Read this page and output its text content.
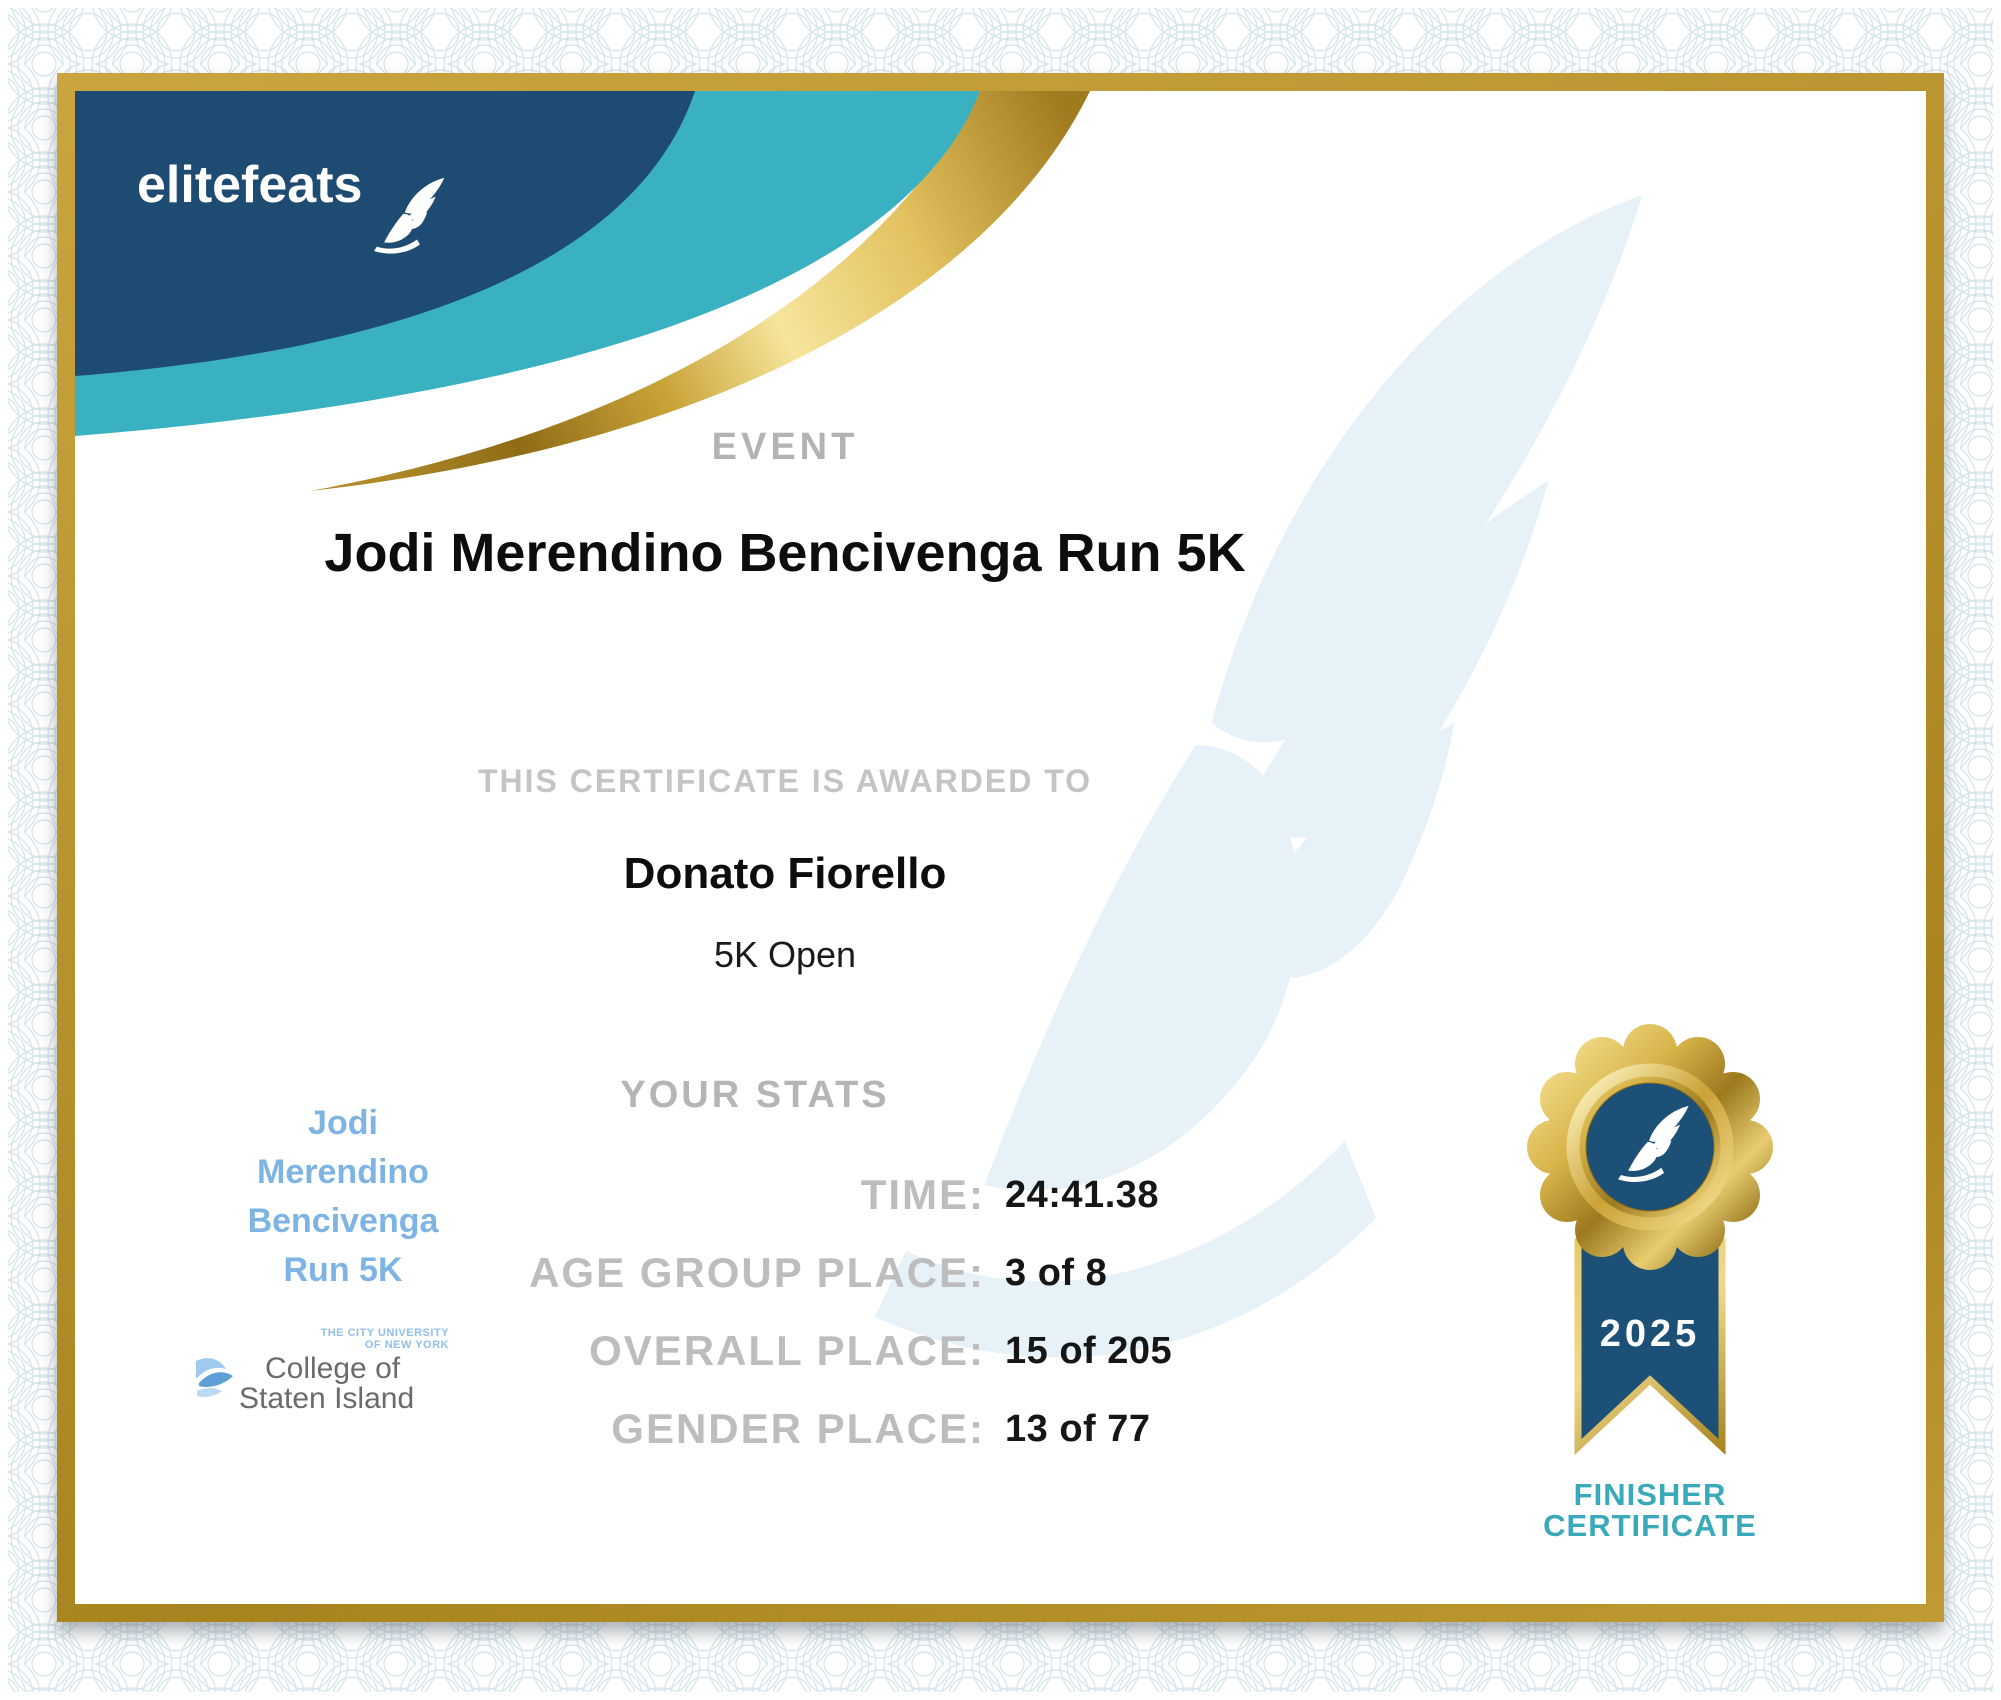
elitefeats
EVENT
Jodi Merendino Bencivenga Run 5K
THIS CERTIFICATE IS AWARDED TO
Donato Fiorello
5K Open
YOUR STATS
TIME: 24:41.38
AGE GROUP PLACE: 3 of 8
OVERALL PLACE: 15 of 205
GENDER PLACE: 13 of 77
Jodi
Merendino
Bencivenga
Run 5K
THE CITY UNIVERSITY
OF NEW YORK
College of
Staten Island
2025
FINISHER
CERTIFICATE
